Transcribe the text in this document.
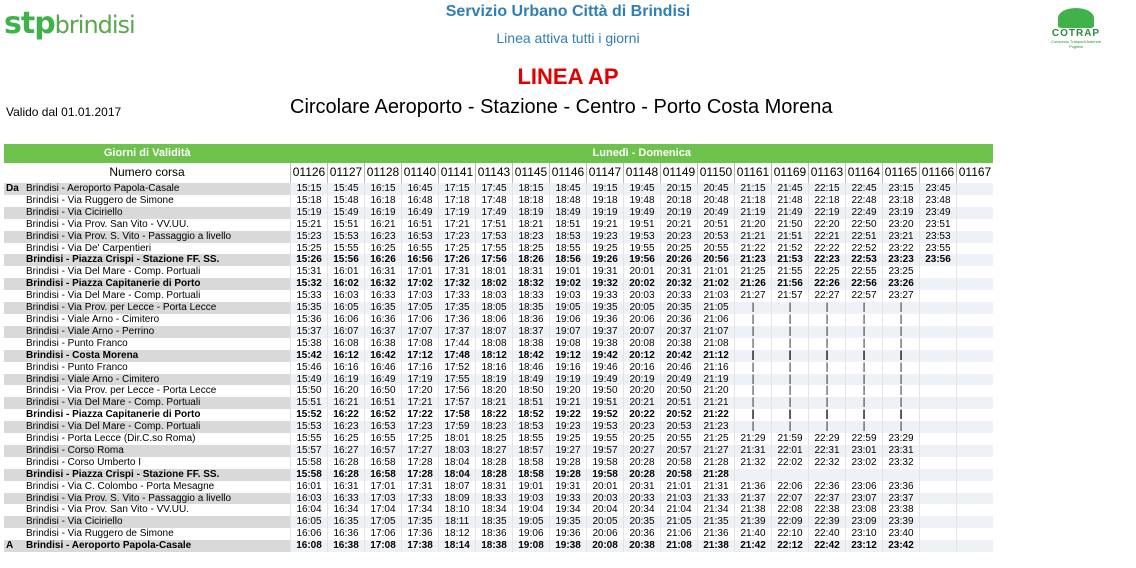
stpbrindisi	Servizio Urbano Città di Brindisi
Linea attiva tutti i giorni	COTRAP
Consorzio Trasporti Aziende Pugliesi
LINEA AP
Valido dal 01.01.2017	Circolare Aeroporto - Stazione - Centro - Porto Costa Morena
Giorni di Validità		Lunedì - Domenica																		
Numero corsa		01126	01127	01128	01140	01141	01143	01145	01146	01147	01148	01149	01150	01161	01169	01163	01164	01165	01166	01167
Da	Brindisi - Aeroporto Papola-Casale	15:15	15:45	16:15	16:45	17:15	17:45	18:15	18:45	19:15	19:45	20:15	20:45	21:15	21:45	22:15	22:45	23:15	23:45	
	Brindisi - Via Ruggero de Simone	15:18	15:48	16:18	16:48	17:18	17:48	18:18	18:48	19:18	19:48	20:18	20:48	21:18	21:48	22:18	22:48	23:18	23:48	
	Brindisi - Via Ciciriello	15:19	15:49	16:19	16:49	17:19	17:49	18:19	18:49	19:19	19:49	20:19	20:49	21:19	21:49	22:19	22:49	23:19	23:49	
	Brindisi - Via Prov. San Vito - VV.UU.	15:21	15:51	16:21	16:51	17:21	17:51	18:21	18:51	19:21	19:51	20:21	20:51	21:20	21:50	22:20	22:50	23:20	23:51	
	Brindisi - Via Prov. S. Vito - Passaggio a livello	15:23	15:53	16:23	16:53	17:23	17:53	18:23	18:53	19:23	19:53	20:23	20:53	21:21	21:51	22:21	22:51	23:21	23:53	
	Brindisi - Via De' Carpentieri	15:25	15:55	16:25	16:55	17:25	17:55	18:25	18:55	19:25	19:55	20:25	20:55	21:22	21:52	22:22	22:52	23:22	23:55	
	Brindisi - Piazza Crispi - Stazione FF. SS.	15:26	15:56	16:26	16:56	17:26	17:56	18:26	18:56	19:26	19:56	20:26	20:56	21:23	21:53	22:23	22:53	23:23	23:56	
	Brindisi - Via Del Mare - Comp. Portuali	15:31	16:01	16:31	17:01	17:31	18:01	18:31	19:01	19:31	20:01	20:31	21:01	21:25	21:55	22:25	22:55	23:25		
	Brindisi - Piazza Capitanerie di Porto	15:32	16:02	16:32	17:02	17:32	18:02	18:32	19:02	19:32	20:02	20:32	21:02	21:26	21:56	22:26	22:56	23:26		
	Brindisi - Via Del Mare - Comp. Portuali	15:33	16:03	16:33	17:03	17:33	18:03	18:33	19:03	19:33	20:03	20:33	21:03	21:27	21:57	22:27	22:57	23:27		
	Brindisi - Via Prov. per Lecce - Porta Lecce	15:35	16:05	16:35	17:05	17:35	18:05	18:35	19:05	19:35	20:05	20:35	21:05	|	|	|	|	|		
	Brindisi - Viale Arno - Cimitero	15:36	16:06	16:36	17:06	17:36	18:06	18:36	19:06	19:36	20:06	20:36	21:06	|	|	|	|	|		
	Brindisi - Viale Arno - Perrino	15:37	16:07	16:37	17:07	17:37	18:07	18:37	19:07	19:37	20:07	20:37	21:07	|	|	|	|	|		
	Brindisi - Punto Franco	15:38	16:08	16:38	17:08	17:44	18:08	18:38	19:08	19:38	20:08	20:38	21:08	|	|	|	|	|		
	Brindisi - Costa Morena	15:42	16:12	16:42	17:12	17:48	18:12	18:42	19:12	19:42	20:12	20:42	21:12	|	|	|	|	|		
	Brindisi - Punto Franco	15:46	16:16	16:46	17:16	17:52	18:16	18:46	19:16	19:46	20:16	20:46	21:16	|	|	|	|	|		
	Brindisi - Viale Arno - Cimitero	15:49	16:19	16:49	17:19	17:55	18:19	18:49	19:19	19:49	20:19	20:49	21:19	|	|	|	|	|		
	Brindisi - Via Prov. per Lecce - Porta Lecce	15:50	16:20	16:50	17:20	17:56	18:20	18:50	19:20	19:50	20:20	20:50	21:20	|	|	|	|	|		
	Brindisi - Via Del Mare - Comp. Portuali	15:51	16:21	16:51	17:21	17:57	18:21	18:51	19:21	19:51	20:21	20:51	21:21	|	|	|	|	|		
	Brindisi - Piazza Capitanerie di Porto	15:52	16:22	16:52	17:22	17:58	18:22	18:52	19:22	19:52	20:22	20:52	21:22	|	|	|	|	|		
	Brindisi - Via Del Mare - Comp. Portuali	15:53	16:23	16:53	17:23	17:59	18:23	18:53	19:23	19:53	20:23	20:53	21:23	|	|	|	|	|		
	Brindisi - Porta Lecce (Dir.C.so Roma)	15:55	16:25	16:55	17:25	18:01	18:25	18:55	19:25	19:55	20:25	20:55	21:25	21:29	21:59	22:29	22:59	23:29		
	Brindisi - Corso Roma	15:57	16:27	16:57	17:27	18:03	18:27	18:57	19:27	19:57	20:27	20:57	21:27	21:31	22:01	22:31	23:01	23:31		
	Brindisi - Corso Umberto I	15:58	16:28	16:58	17:28	18:04	18:28	18:58	19:28	19:58	20:28	20:58	21:28	21:32	22:02	22:32	23:02	23:32		
	Brindisi - Piazza Crispi - Stazione FF. SS.	15:58	16:28	16:58	17:28	18:04	18:28	18:58	19:28	19:58	20:28	20:58	21:28							
	Brindisi - Via C. Colombo - Porta Mesagne	16:01	16:31	17:01	17:31	18:07	18:31	19:01	19:31	20:01	20:31	21:01	21:31	21:36	22:06	22:36	23:06	23:36		
	Brindisi - Via Prov. S. Vito - Passaggio a livello	16:03	16:33	17:03	17:33	18:09	18:33	19:03	19:33	20:03	20:33	21:03	21:33	21:37	22:07	22:37	23:07	23:37		
	Brindisi - Via Prov. San Vito - VV.UU.	16:04	16:34	17:04	17:34	18:10	18:34	19:04	19:34	20:04	20:34	21:04	21:34	21:38	22:08	22:38	23:08	23:38		
	Brindisi - Via Ciciriello	16:05	16:35	17:05	17:35	18:11	18:35	19:05	19:35	20:05	20:35	21:05	21:35	21:39	22:09	22:39	23:09	23:39		
	Brindisi - Via Ruggero de Simone	16:06	16:36	17:06	17:36	18:12	18:36	19:06	19:36	20:06	20:36	21:06	21:36	21:40	22:10	22:40	23:10	23:40		
A	Brindisi - Aeroporto Papola-Casale	16:08	16:38	17:08	17:38	18:14	18:38	19:08	19:38	20:08	20:38	21:08	21:38	21:42	22:12	22:42	23:12	23:42		
